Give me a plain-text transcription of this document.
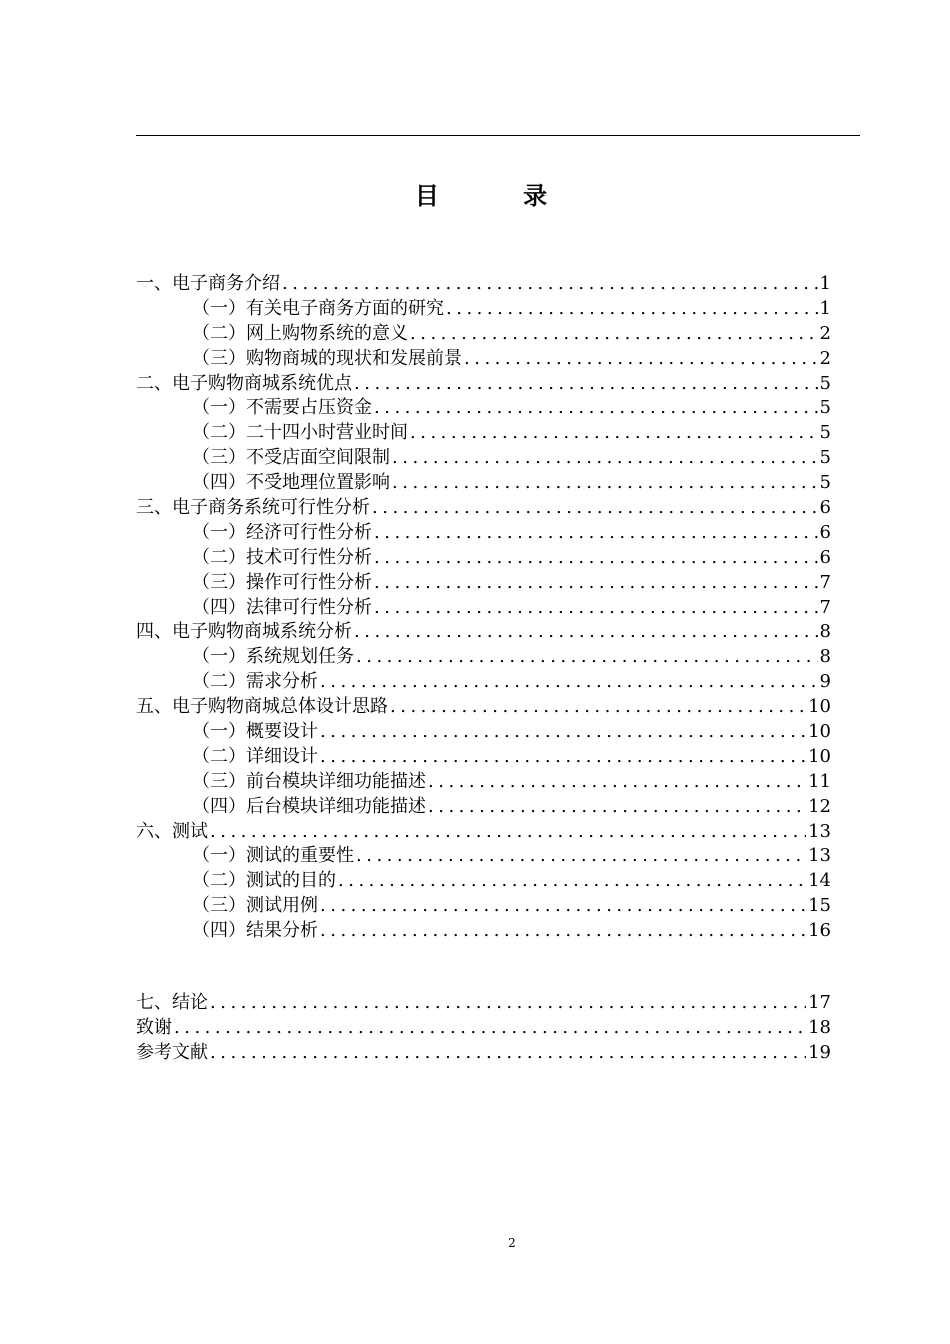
目 录
一、电子商务介绍 .....	1
（一）有关电子商务方面的研究 .....	1
（二）网上购物系统的意义 .....	2
（三）购物商城的现状和发展前景 .....	2
二、电子购物商城系统优点 .....	5
（一）不需要占压资金 .....	5
（二）二十四小时营业时间 .....	5
（三）不受店面空间限制 .....	5
（四）不受地理位置影响 .....	5
三、电子商务系统可行性分析 .....	6
（一）经济可行性分析 .....	6
（二）技术可行性分析 .....	6
（三）操作可行性分析 .....	7
（四）法律可行性分析 .....	7
四、电子购物商城系统分析 .....	8
（一）系统规划任务 .....	8
（二）需求分析 .....	9
五、电子购物商城总体设计思路 .....	10
（一）概要设计 .....	10
（二）详细设计 .....	10
（三）前台模块详细功能描述 .....	11
（四）后台模块详细功能描述 .....	12
六、测试 .....	13
（一）测试的重要性 .....	13
（二）测试的目的 .....	14
（三）测试用例 .....	15
（四）结果分析 .....	16
七、结论 .....	17
致谢 .....	18
参考文献 .....	19
2
